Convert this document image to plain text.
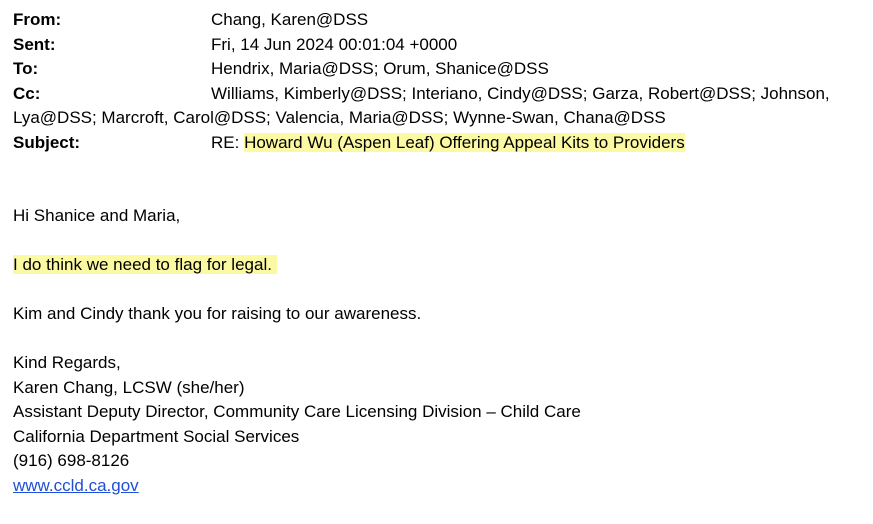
From:	Chang, Karen@DSS
Sent:	Fri, 14 Jun 2024 00:01:04 +0000
To:	Hendrix, Maria@DSS; Orum, Shanice@DSS
Cc:	Williams, Kimberly@DSS; Interiano, Cindy@DSS; Garza, Robert@DSS; Johnson,
Lya@DSS; Marcroft, Carol@DSS; Valencia, Maria@DSS; Wynne-Swan, Chana@DSS
Subject:	RE: Howard Wu (Aspen Leaf) Offering Appeal Kits to Providers
Hi Shanice and Maria,
I do think we need to flag for legal.
Kim and Cindy thank you for raising to our awareness.
Kind Regards,
Karen Chang, LCSW (she/her)
Assistant Deputy Director, Community Care Licensing Division – Child Care
California Department Social Services
(916) 698-8126
www.ccld.ca.gov
